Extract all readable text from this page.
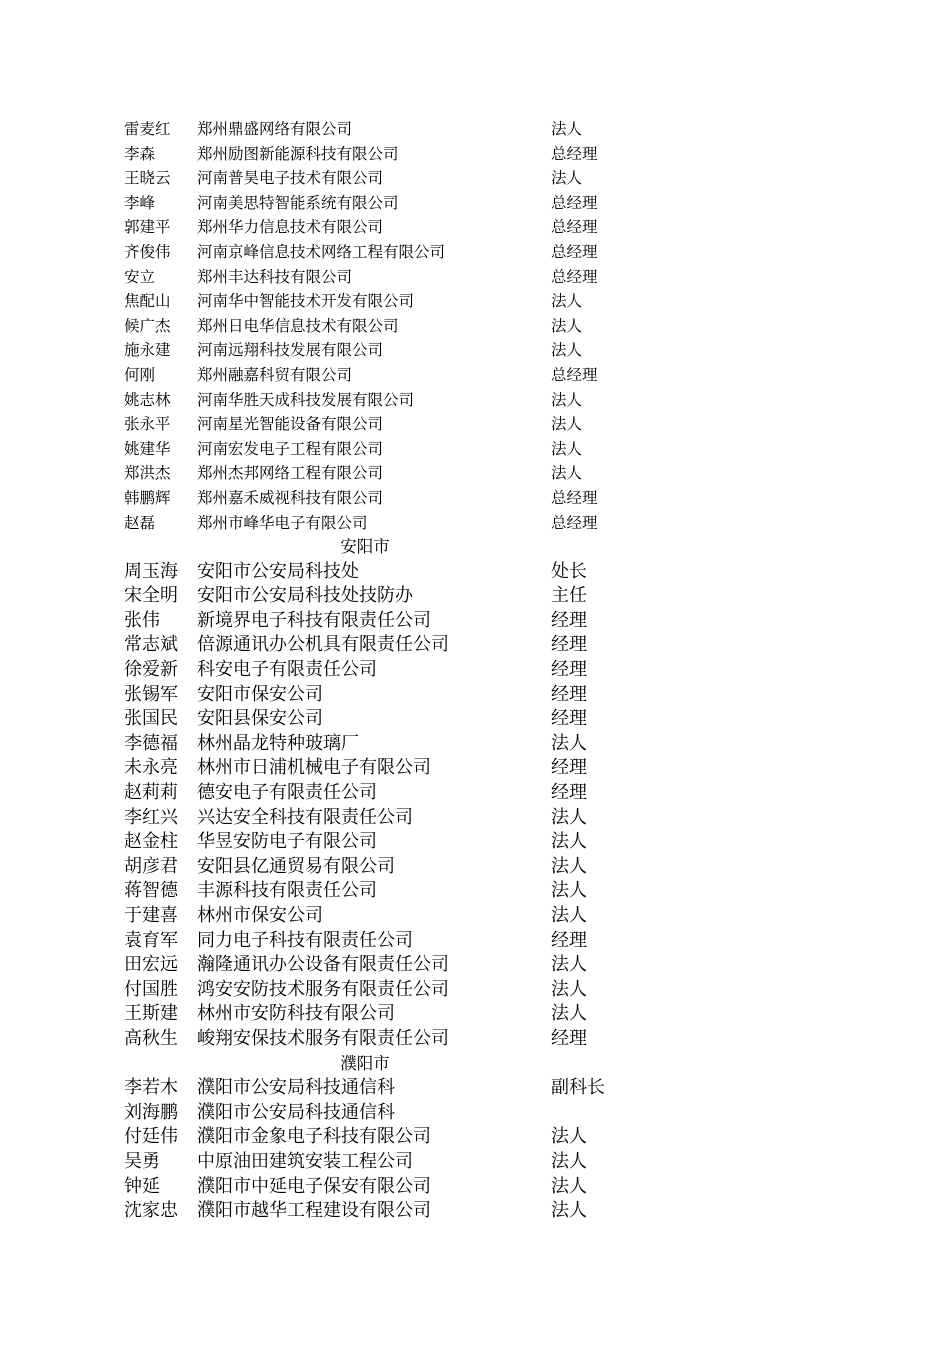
雷麦红 郑州鼎盛网络有限公司	法人
李森	郑州励图新能源科技有限公司	总经理
王晓云 河南普昊电子技术有限公司	法人
李峰	河南美思特智能系统有限公司	总经理
郭建平 郑州华力信息技术有限公司	总经理
齐俊伟 河南京峰信息技术网络工程有限公司	总经理
安立	郑州丰达科技有限公司	总经理
焦配山 河南华中智能技术开发有限公司	法人
候广杰 郑州日电华信息技术有限公司	法人
施永建 河南远翔科技发展有限公司	法人
何刚	郑州融嘉科贸有限公司	总经理
姚志林 河南华胜天成科技发展有限公司	法人
张永平 河南星光智能设备有限公司	法人
姚建华 河南宏发电子工程有限公司	法人
郑洪杰 郑州杰邦网络工程有限公司	法人
韩鹏辉 郑州嘉禾威视科技有限公司	总经理
赵磊	郑州市峰华电子有限公司	总经理
安阳市
周玉海 安阳市公安局科技处	处长
宋全明 安阳市公安局科技处技防办	主任
张伟 新境界电子科技有限责任公司	经理
常志斌 倍源通讯办公机具有限责任公司	经理
徐爱新 科安电子有限责任公司	经理
张锡军 安阳市保安公司	经理
张国民 安阳县保安公司	经理
李德福 林州晶龙特种玻璃厂	法人
未永亮 林州市日浦机械电子有限公司	经理
赵莉莉 德安电子有限责任公司	经理
李红兴 兴达安全科技有限责任公司	法人
赵金柱 华昱安防电子有限公司	法人
胡彦君 安阳县亿通贸易有限公司	法人
蒋智德 丰源科技有限责任公司	法人
于建喜 林州市保安公司	法人
袁育军 同力电子科技有限责任公司	经理
田宏远 瀚隆通讯办公设备有限责任公司	法人
付国胜 鸿安安防技术服务有限责任公司	法人
王斯建 林州市安防科技有限公司	法人
高秋生 峻翔安保技术服务有限责任公司	经理
濮阳市
李若木 濮阳市公安局科技通信科	副科长
刘海鹏 濮阳市公安局科技通信科
付廷伟 濮阳市金象电子科技有限公司	法人
吴勇 中原油田建筑安装工程公司	法人
钟延 濮阳市中延电子保安有限公司	法人
沈家忠 濮阳市越华工程建设有限公司	法人
